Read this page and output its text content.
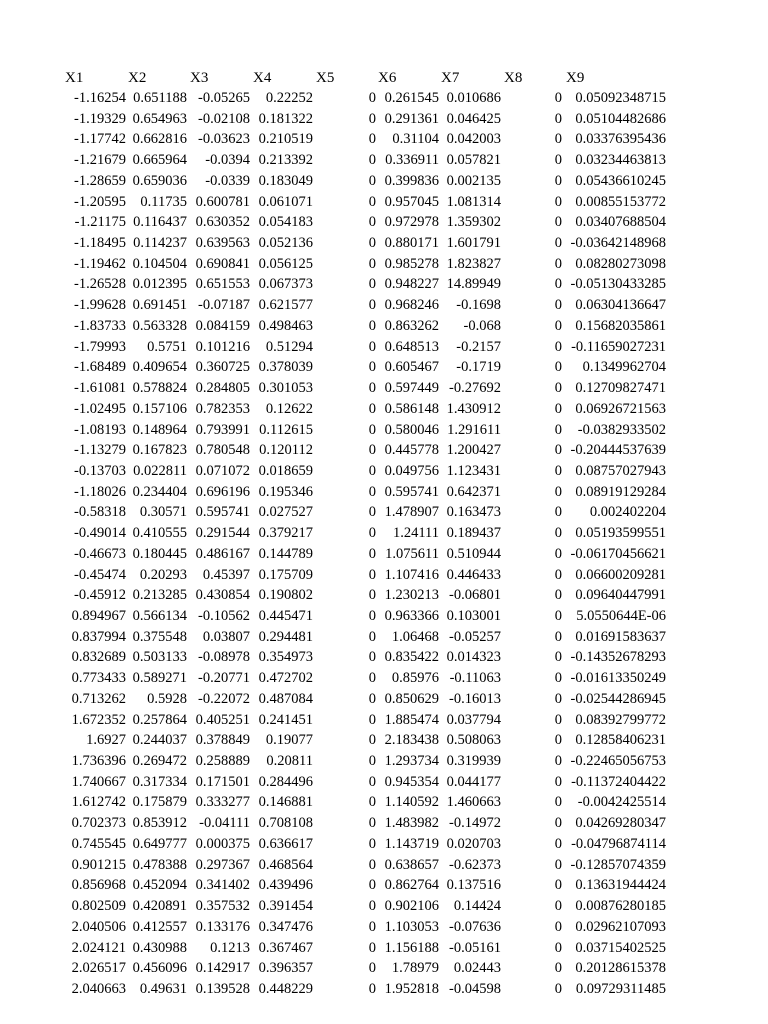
X1	X2	X3	X4	X5	X6	X7	X8	X9
-1.16254 0.651188 -0.05265 0.22252	0 0.261545 0.010686	0 0.05092348715
-1.19329 0.654963 -0.02108 0.181322	0 0.291361 0.046425	0 0.05104482686
-1.17742 0.662816 -0.03623 0.210519	0 0.31104 0.042003	0 0.03376395436
-1.21679 0.665964 -0.0394 0.213392	0 0.336911 0.057821	0 0.03234463813
-1.28659 0.659036 -0.0339 0.183049	0 0.399836 0.002135	0 0.05436610245
-1.20595 0.11735 0.600781 0.061071	0 0.957045 1.081314	0 0.00855153772
-1.21175 0.116437 0.630352 0.054183	0 0.972978 1.359302	0 0.03407688504
-1.18495 0.114237 0.639563 0.052136	0 0.880171 1.601791	0 -0.03642148968
-1.19462 0.104504 0.690841 0.056125	0 0.985278 1.823827	0 0.08280273098
-1.26528 0.012395 0.651553 0.067373	0 0.948227 14.89949	0 -0.05130433285
-1.99628 0.691451 -0.07187 0.621577	0 0.968246 -0.1698	0 0.06304136647
-1.83733 0.563328 0.084159 0.498463	0 0.863262 -0.068	0 0.15682035861
-1.79993 0.5751 0.101216 0.51294	0 0.648513 -0.2157	0 -0.11659027231
-1.68489 0.409654 0.360725 0.378039	0 0.605467 -0.1719	0 0.1349962704
-1.61081 0.578824 0.284805 0.301053	0 0.597449 -0.27692	0 0.12709827471
-1.02495 0.157106 0.782353 0.12622	0 0.586148 1.430912	0 0.06926721563
-1.08193 0.148964 0.793991 0.112615	0 0.580046 1.291611	0 -0.0382933502
-1.13279 0.167823 0.780548 0.120112	0 0.445778 1.200427	0 -0.20444537639
-0.13703 0.022811 0.071072 0.018659	0 0.049756 1.123431	0 0.08757027943
-1.18026 0.234404 0.696196 0.195346	0 0.595741 0.642371	0 0.08919129284
-0.58318 0.30571 0.595741 0.027527	0 1.478907 0.163473	0 0.002402204
-0.49014 0.410555 0.291544 0.379217	0 1.24111 0.189437	0 0.05193599551
-0.46673 0.180445 0.486167 0.144789	0 1.075611 0.510944	0 -0.06170456621
-0.45474 0.20293 0.45397 0.175709	0 1.107416 0.446433	0 0.06600209281
-0.45912 0.213285 0.430854 0.190802	0 1.230213 -0.06801	0 0.09640447991
0.894967 0.566134 -0.10562 0.445471	0 0.963366 0.103001	0 5.0550644E-06
0.837994 0.375548 0.03807 0.294481	0 1.06468 -0.05257	0 0.01691583637
0.832689 0.503133 -0.08978 0.354973	0 0.835422 0.014323	0 -0.14352678293
0.773433 0.589271 -0.20771 0.472702	0 0.85976 -0.11063	0 -0.01613350249
0.713262 0.5928 -0.22072 0.487084	0 0.850629 -0.16013	0 -0.02544286945
1.672352 0.257864 0.405251 0.241451	0 1.885474 0.037794	0 0.08392799772
1.6927 0.244037 0.378849 0.19077	0 2.183438 0.508063	0 0.12858406231
1.736396 0.269472 0.258889 0.20811	0 1.293734 0.319939	0 -0.22465056753
1.740667 0.317334 0.171501 0.284496	0 0.945354 0.044177	0 -0.11372404422
1.612742 0.175879 0.333277 0.146881	0 1.140592 1.460663	0 -0.0042425514
0.702373 0.853912 -0.04111 0.708108	0 1.483982 -0.14972	0 0.04269280347
0.745545 0.649777 0.000375 0.636617	0 1.143719 0.020703	0 -0.04796874114
0.901215 0.478388 0.297367 0.468564	0 0.638657 -0.62373	0 -0.12857074359
0.856968 0.452094 0.341402 0.439496	0 0.862764 0.137516	0 0.13631944424
0.802509 0.420891 0.357532 0.391454	0 0.902106 0.14424	0 0.00876280185
2.040506 0.412557 0.133176 0.347476	0 1.103053 -0.07636	0 0.02962107093
2.024121 0.430988 0.1213 0.367467	0 1.156188 -0.05161	0 0.03715402525
2.026517 0.456096 0.142917 0.396357	0 1.78979 0.02443	0 0.20128615378
2.040663 0.49631 0.139528 0.448229	0 1.952818 -0.04598	0 0.09729311485
